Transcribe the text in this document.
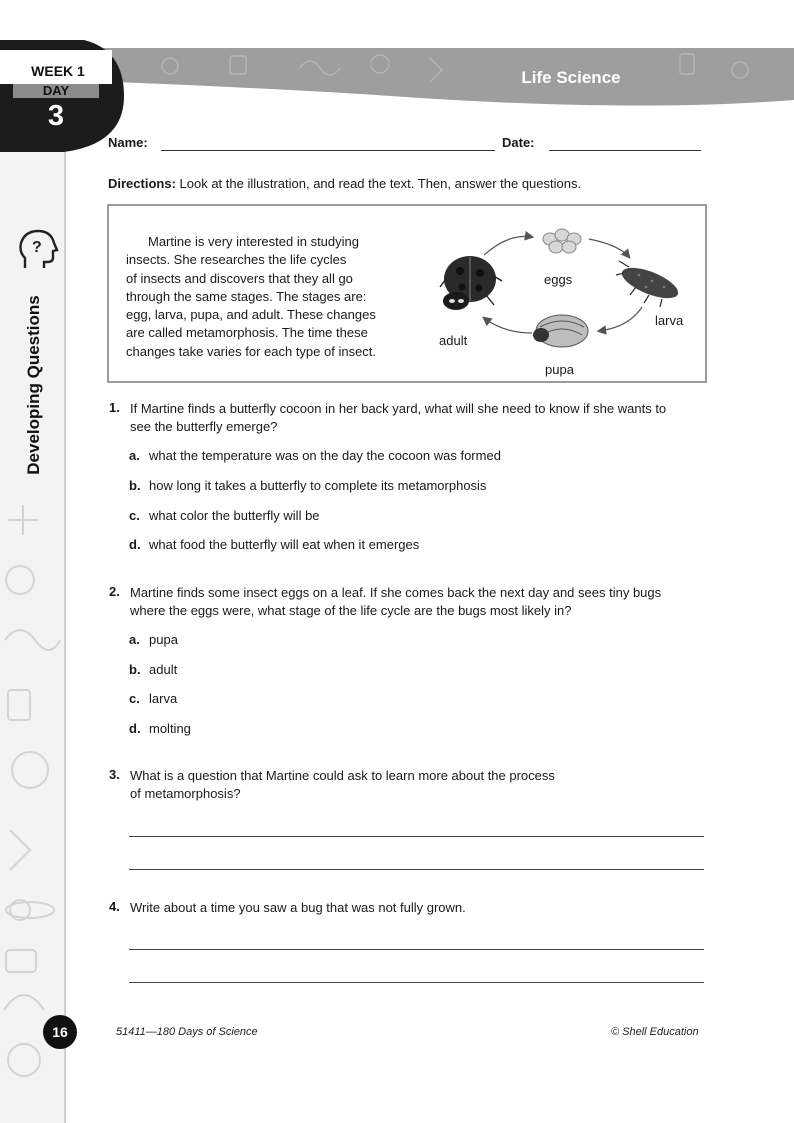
Life Science
WEEK 1
DAY
3
?
Developing Questions
Name:	Date:
Directions: Look at the illustration, and read the text. Then, answer the questions.

Martine is very interested in studying
insects. She researches the life cycles
of insects and discovers that they all go
through the same stages. The stages are:
egg, larva, pupa, and adult. These changes
are called metamorphosis. The time these
changes take varies for each type of insect.

eggs
larva
pupa
adult
1. If Martine finds a butterfly cocoon in her back yard, what will she need to know if she wants to see the butterfly emerge?
a. what the temperature was on the day the cocoon was formed
b. how long it takes a butterfly to complete its metamorphosis
c. what color the butterfly will be
d. what food the butterfly will eat when it emerges
2. Martine finds some insect eggs on a leaf. If she comes back the next day and sees tiny bugs where the eggs were, what stage of the life cycle are the bugs most likely in?
a. pupa
b. adult
c. larva
d. molting
3. What is a question that Martine could ask to learn more about the process
of metamorphosis?
4. Write about a time you saw a bug that was not fully grown.
16	51411—180 Days of Science	© Shell Education
